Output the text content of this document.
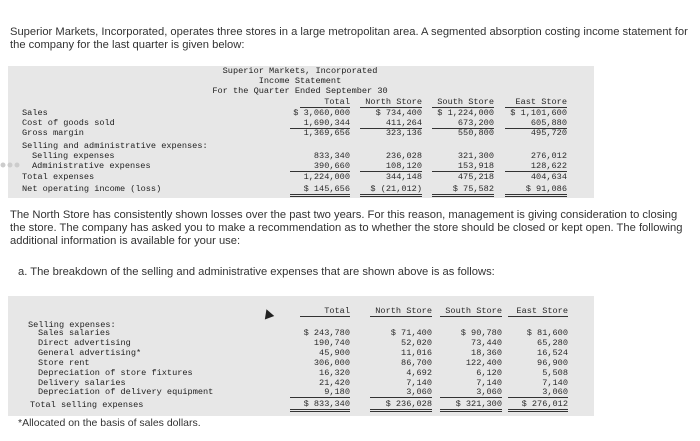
Superior Markets, Incorporated, operates three stores in a large metropolitan area. A segmented absorption costing income statement for the company for the last quarter is given below:
Superior Markets, Incorporated
Income Statement
For the Quarter Ended September 30
Total	North Store	South Store	East Store
Sales	$ 3,060,000	$ 734,400	$ 1,224,000	$ 1,101,600
Cost of goods sold	1,690,344	411,264	673,200	605,880
Gross margin	1,369,656	323,136	550,800	495,720
Selling and administrative expenses:
Selling expenses	833,340	236,028	321,300	276,012
Administrative expenses	390,660	108,120	153,918	128,622
Total expenses	1,224,000	344,148	475,218	404,634
Net operating income (loss)	$ 145,656	$ (21,012)	$ 75,582	$ 91,086
The North Store has consistently shown losses over the past two years. For this reason, management is giving consideration to closing the store. The company has asked you to make a recommendation as to whether the store should be closed or kept open. The following additional information is available for your use:
a. The breakdown of the selling and administrative expenses that are shown above is as follows:
Total	North Store	South Store	East Store
Selling expenses:
Sales salaries	$ 243,780	$ 71,400	$ 90,780	$ 81,600
Direct advertising	190,740	52,020	73,440	65,280
General advertising*	45,900	11,016	18,360	16,524
Store rent	306,000	86,700	122,400	96,900
Depreciation of store fixtures	16,320	4,692	6,120	5,508
Delivery salaries	21,420	7,140	7,140	7,140
Depreciation of delivery equipment	9,180	3,060	3,060	3,060
Total selling expenses	$ 833,340	$ 236,028	$ 321,300	$ 276,012
*Allocated on the basis of sales dollars.
